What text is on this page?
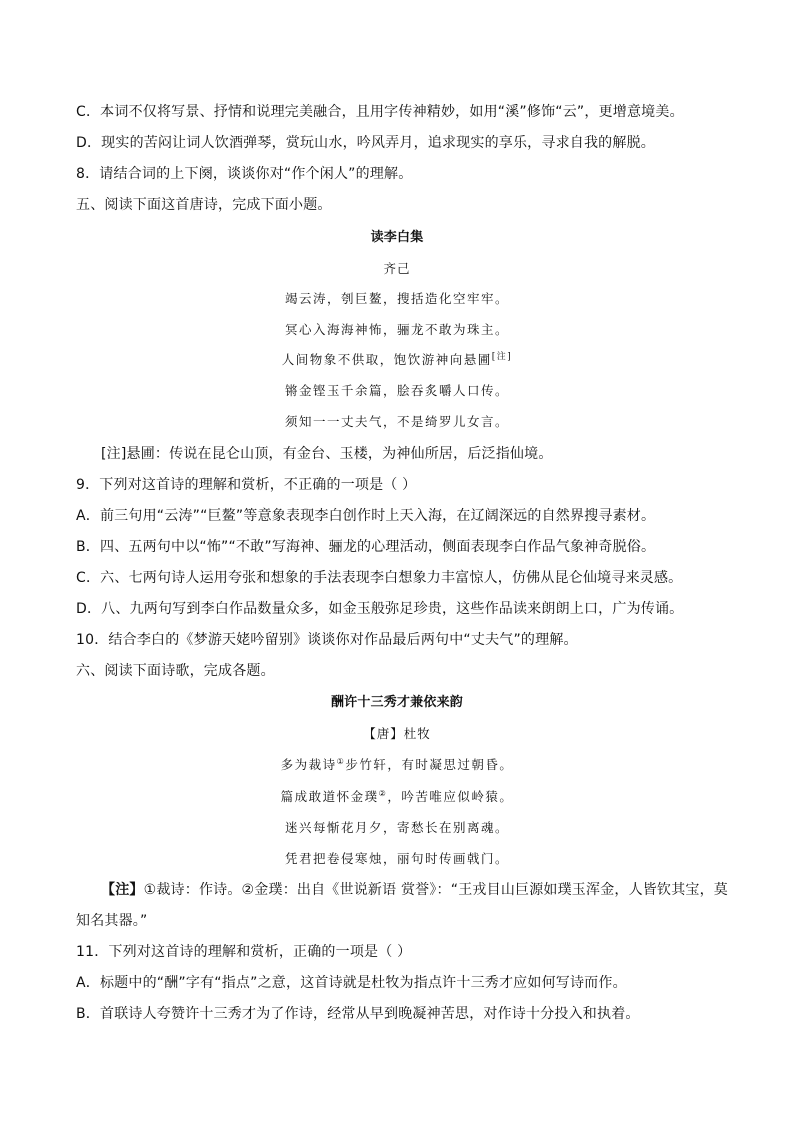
C．本词不仅将写景、抒情和说理完美融合，且用字传神精妙，如用“溪”修饰“云”，更增意境美。
D．现实的苦闷让词人饮酒弹琴，赏玩山水，吟风弄月，追求现实的享乐，寻求自我的解脱。
8．请结合词的上下阕，谈谈你对“作个闲人”的理解。
五、阅读下面这首唐诗，完成下面小题。
读李白集
齐己
竭云涛，刳巨鳌，搜括造化空牢牢。
冥心入海海神怖，骊龙不敢为珠主。
人间物象不供取，饱饮游神向悬圃[注]
锵金铿玉千余篇，脍吞炙嚼人口传。
须知一一丈夫气，不是绮罗儿女言。
[注]悬圃：传说在昆仑山顶，有金台、玉楼，为神仙所居，后泛指仙境。
9．下列对这首诗的理解和赏析，不正确的一项是（ ）
A．前三句用“云涛”“巨鳌”等意象表现李白创作时上天入海，在辽阔深远的自然界搜寻素材。
B．四、五两句中以“怖”“不敢”写海神、骊龙的心理活动，侧面表现李白作品气象神奇脱俗。
C．六、七两句诗人运用夸张和想象的手法表现李白想象力丰富惊人，仿佛从昆仑仙境寻来灵感。
D．八、九两句写到李白作品数量众多，如金玉般弥足珍贵，这些作品读来朗朗上口，广为传诵。
10．结合李白的《梦游天姥吟留别》谈谈你对作品最后两句中“丈夫气”的理解。
六、阅读下面诗歌，完成各题。
酬许十三秀才兼依来韵
【唐】杜牧
多为裁诗①步竹轩，有时凝思过朝昏。
篇成敢道怀金璞②，吟苦唯应似岭猿。
迷兴每惭花月夕，寄愁长在别离魂。
凭君把卷侵寒烛，丽句时传画戟门。
【注】①裁诗：作诗。②金璞：出自《世说新语 赏誉》：“王戎目山巨源如璞玉浑金，人皆钦其宝，莫
知名其器。”
11．下列对这首诗的理解和赏析，正确的一项是（ ）
A．标题中的“酬”字有“指点”之意，这首诗就是杜牧为指点许十三秀才应如何写诗而作。
B．首联诗人夸赞许十三秀才为了作诗，经常从早到晚凝神苦思，对作诗十分投入和执着。
